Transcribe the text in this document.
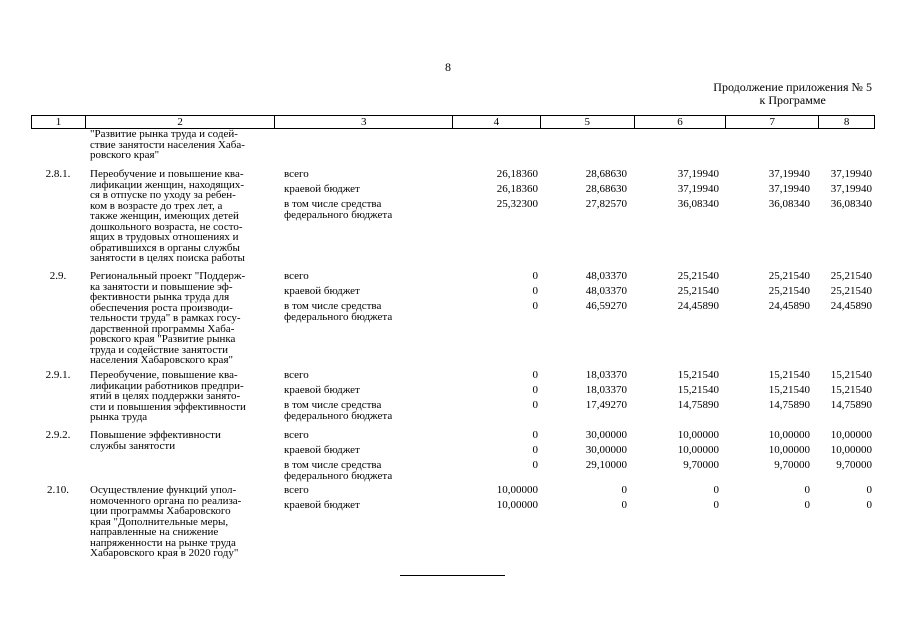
8
Продолжение приложения № 5
к Программе
1	2	3	4	5	6	7	8
"Развитие рынка труда и содей-
ствие занятости населения Хаба-
ровского края"
2.8.1.	Переобучение и повышение ква-
лификации женщин, находящих-
ся в отпуске по уходу за ребен-
ком в возрасте до трех лет, а
также женщин, имеющих детей
дошкольного возраста, не состо-
ящих в трудовых отношениях и
обратившихся в органы службы
занятости в целях поиска работы
всего	26,18360	28,68630	37,19940	37,19940	37,19940
краевой бюджет	26,18360	28,68630	37,19940	37,19940	37,19940
в том числе средства
федерального бюджета
25,32300	27,82570	36,08340	36,08340	36,08340
2.9.	Региональный проект "Поддерж-
ка занятости и повышение эф-
фективности рынка труда для
обеспечения роста производи-
тельности труда" в рамках госу-
дарственной программы Хаба-
ровского края "Развитие рынка
труда и содействие занятости
населения Хабаровского края"
всего	0	48,03370	25,21540	25,21540	25,21540
краевой бюджет	0	48,03370	25,21540	25,21540	25,21540
в том числе средства
федерального бюджета
0	46,59270	24,45890	24,45890	24,45890
2.9.1.	Переобучение, повышение ква-
лификации работников предпри-
ятий в целях поддержки занято-
сти и повышения эффективности
рынка труда
всего	0	18,03370	15,21540	15,21540	15,21540
краевой бюджет	0	18,03370	15,21540	15,21540	15,21540
в том числе средства
федерального бюджета
0	17,49270	14,75890	14,75890	14,75890
2.9.2.	Повышение эффективности
службы занятости
всего	0	30,00000	10,00000	10,00000	10,00000
краевой бюджет	0	30,00000	10,00000	10,00000	10,00000
в том числе средства
федерального бюджета
0	29,10000	9,70000	9,70000	9,70000
2.10.	Осуществление функций упол-
номоченного органа по реализа-
ции программы Хабаровского
края "Дополнительные меры,
направленные на снижение
напряженности на рынке труда
Хабаровского края в 2020 году"
всего	10,00000	0	0	0	0
краевой бюджет	10,00000	0	0	0	0
